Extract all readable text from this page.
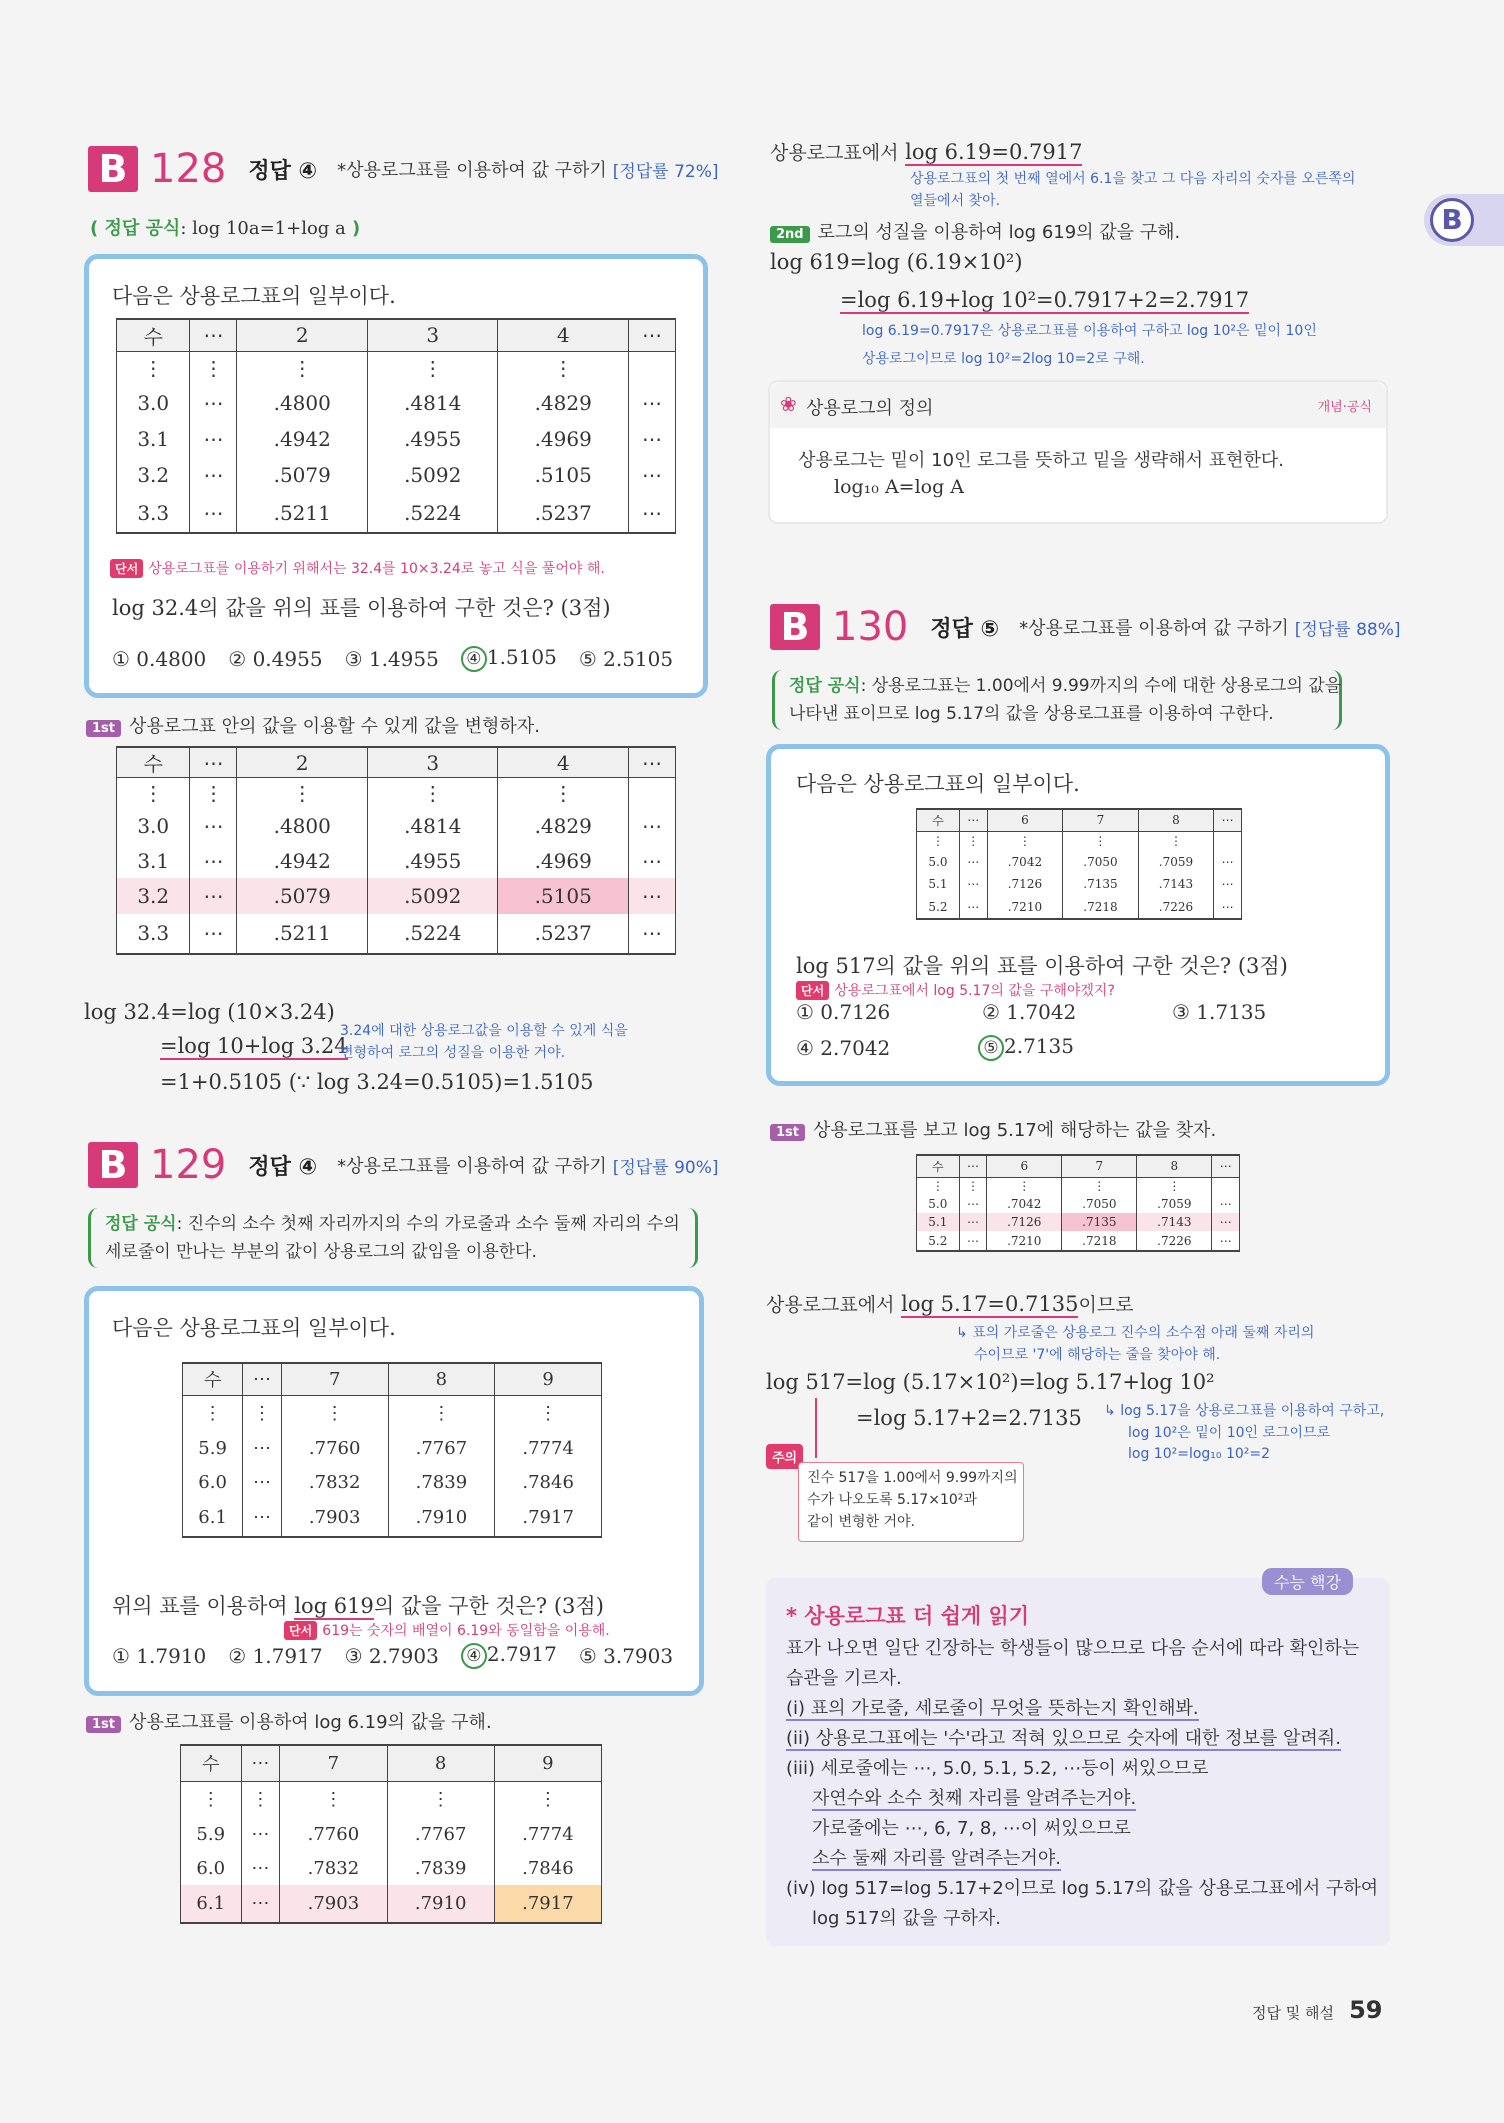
B
B 128 정답 ④ *상용로그표를 이용하여 값 구하기 [정답률 72%]
( 정답 공식: log 10a=1+log a )
다음은 상용로그표의 일부이다.
수	⋯	2	3	4	⋯
⋮	⋮	⋮	⋮	⋮	
3.0	⋯	.4800	.4814	.4829	⋯
3.1	⋯	.4942	.4955	.4969	⋯
3.2	⋯	.5079	.5092	.5105	⋯
3.3	⋯	.5211	.5224	.5237	⋯
단서 상용로그표를 이용하기 위해서는 32.4를 10×3.24로 놓고 식을 풀어야 해.
log 32.4의 값을 위의 표를 이용하여 구한 것은? (3점)
① 0.4800 ② 0.4955 ③ 1.4955	④ 1.5105 ⑤ 2.5105
1st 상용로그표 안의 값을 이용할 수 있게 값을 변형하자.
수	⋯	2	3	4	⋯
⋮	⋮	⋮	⋮	⋮	
3.0	⋯	.4800	.4814	.4829	⋯
3.1	⋯	.4942	.4955	.4969	⋯
3.2	⋯	.5079	.5092	.5105	⋯
3.3	⋯	.5211	.5224	.5237	⋯
log 32.4=log (10×3.24)
=log 10+log 3.24
3.24에 대한 상용로그값을 이용할 수 있게 식을
변형하여 로그의 성질을 이용한 거야.
=1+0.5105 (∵ log 3.24=0.5105)=1.5105
B 129 정답 ④ *상용로그표를 이용하여 값 구하기 [정답률 90%]
정답 공식: 진수의 소수 첫째 자리까지의 수의 가로줄과 소수 둘째 자리의 수의
세로줄이 만나는 부분의 값이 상용로그의 값임을 이용한다.
다음은 상용로그표의 일부이다.
수	⋯	7	8	9
⋮	⋮	⋮	⋮	⋮
5.9	⋯	.7760	.7767	.7774
6.0	⋯	.7832	.7839	.7846
6.1	⋯	.7903	.7910	.7917
위의 표를 이용하여 log 619의 값을 구한 것은? (3점)
단서 619는 숫자의 배열이 6.19와 동일함을 이용해.
① 1.7910 ② 1.7917 ③ 2.7903	④ 2.7917 ⑤ 3.7903
1st 상용로그표를 이용하여 log 6.19의 값을 구해.
수	⋯	7	8	9
⋮	⋮	⋮	⋮	⋮
5.9	⋯	.7760	.7767	.7774
6.0	⋯	.7832	.7839	.7846
6.1	⋯	.7903	.7910	.7917
상용로그표에서 log 6.19=0.7917
상용로그표의 첫 번째 열에서 6.1을 찾고 그 다음 자리의 숫자를 오른쪽의
열들에서 찾아.
2nd 로그의 성질을 이용하여 log 619의 값을 구해.
log 619=log (6.19×10²)
=log 6.19+log 10²=0.7917+2=2.7917
log 6.19=0.7917은 상용로그표를 이용하여 구하고 log 10²은 밑이 10인
상용로그이므로 log 10²=2log 10=2로 구해.
❀ 상용로그의 정의	개념·공식
상용로그는 밑이 10인 로그를 뜻하고 밑을 생략해서 표현한다.
log₁₀ A=log A
B 130 정답 ⑤ *상용로그표를 이용하여 값 구하기 [정답률 88%]
정답 공식: 상용로그표는 1.00에서 9.99까지의 수에 대한 상용로그의 값을
나타낸 표이므로 log 5.17의 값을 상용로그표를 이용하여 구한다.
다음은 상용로그표의 일부이다.
수	⋯	6	7	8	⋯
⋮	⋮	⋮	⋮	⋮	
5.0	⋯	.7042	.7050	.7059	⋯
5.1	⋯	.7126	.7135	.7143	⋯
5.2	⋯	.7210	.7218	.7226	⋯
log 517의 값을 위의 표를 이용하여 구한 것은? (3점)
단서 상용로그표에서 log 5.17의 값을 구해야겠지?
① 0.7126	② 1.7042	③ 1.7135
④ 2.7042	⑤ 2.7135
1st 상용로그표를 보고 log 5.17에 해당하는 값을 찾자.
수	⋯	6	7	8	⋯
⋮	⋮	⋮	⋮	⋮	
5.0	⋯	.7042	.7050	.7059	⋯
5.1	⋯	.7126	.7135	.7143	⋯
5.2	⋯	.7210	.7218	.7226	⋯
상용로그표에서 log 5.17=0.7135이므로
↳ 표의 가로줄은 상용로그 진수의 소수점 아래 둘째 자리의
수이므로 '7'에 해당하는 줄을 찾아야 해.
log 517=log (5.17×10²)=log 5.17+log 10²
=log 5.17+2=2.7135 ↳ log 5.17을 상용로그표를 이용하여 구하고,
log 10²은 밑이 10인 로그이므로
log 10²=log₁₀ 10²=2
주의
진수 517을 1.00에서 9.99까지의
수가 나오도록 5.17×10²과
같이 변형한 거야.
수능 핵강
* 상용로그표 더 쉽게 읽기
표가 나오면 일단 긴장하는 학생들이 많으므로 다음 순서에 따라 확인하는
습관을 기르자.
(i) 표의 가로줄, 세로줄이 무엇을 뜻하는지 확인해봐.
(ii) 상용로그표에는 '수'라고 적혀 있으므로 숫자에 대한 정보를 알려줘.
(iii) 세로줄에는 ⋯, 5.0, 5.1, 5.2, ⋯등이 써있으므로
자연수와 소수 첫째 자리를 알려주는거야.
가로줄에는 ⋯, 6, 7, 8, ⋯이 써있으므로
소수 둘째 자리를 알려주는거야.
(iv) log 517=log 5.17+2이므로 log 5.17의 값을 상용로그표에서 구하여
log 517의 값을 구하자.
정답 및 해설 59
